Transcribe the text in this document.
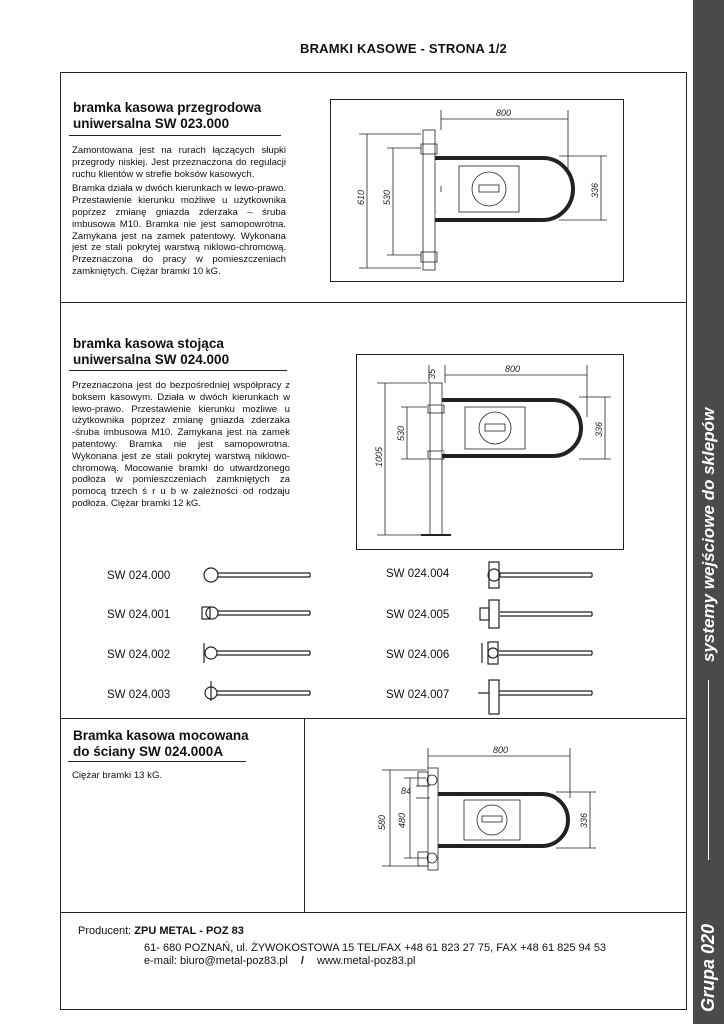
BRAMKI KASOWE - STRONA 1/2
systemy wejściowe do sklepów
Grupa 020
bramka kasowa przegrodowa
uniwersalna SW 023.000

Zamontowana jest na rurach łączących słupki przegrody niskiej. Jest przeznaczona do regulacji ruchu klientów w strefie boksów kasowych.

Bramka działa w dwóch kierunkach w lewo-prawo. Przestawienie kierunku możliwe u użytkownika poprzez zmianę gniazda zderzaka – śruba imbusowa M10. Bramka nie jest samopowrotna. Zamykana jest na zamek patentowy. Wykonana jest ze stali pokrytej warstwą niklowo-chromową. Przeznaczona do pracy w pomieszczeniach zamkniętych. Ciężar bramki 10 kG.

800
610 530	336
bramka kasowa stojąca
uniwersalna SW 024.000

Przeznaczona jest do bezpośredniej współpracy z boksem kasowym. Działa w dwóch kierunkach w lewo-prawo. Przestawienie kierunku możliwe u użytkownika poprzez zmianę gniazda zderzaka -śruba imbusowa M10. Zamykana jest na zamek patentowy. Bramka nie jest samopowrotna. Wykonana jest ze stali pokrytej warstwą niklowo-chromową. Mocowanie bramki do utwardzonego podłoża w pomieszczeniach zamkniętych za pomocą trzech ś r u b w zależności od rodzaju podłoża. Ciężar bramki 12 kG.

35	800
1005
530	336
SW 024.000
SW 024.001
SW 024.002
SW 024.003
SW 024.004
SW 024.005
SW 024.006
SW 024.007
Bramka kasowa mocowana
do ściany SW 024.000A

Ciężar bramki 13 kG.

800
84
580 480	336
Producent: ZPU METAL - POZ 83
61- 680 POZNAŃ, ul. ŻYWOKOSTOWA 15 TEL/FAX +48 61 823 27 75, FAX +48 61 825 94 53
e-mail: biuro@metal-poz83.pl / www.metal-poz83.pl
